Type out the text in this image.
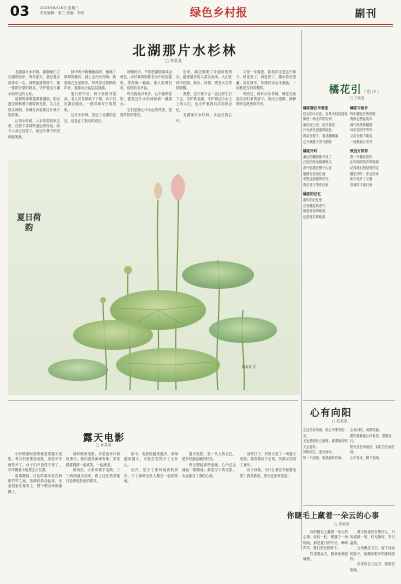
03	2023年8月16日 星期三
责任编辑：张三 美编：李四	绿色乡村报	副刊
北湖那片水杉林
□ 李某某

北湖那片水杉林，静静地伫立在湖的西岸，每年夏天，我总要去那里走一走。那些挺拔的树干，像一排排守望的哨兵，守护着这片湖水和岸边的人家。

清晨的薄雾笼罩着湖面，阳光透过树梢洒下斑驳的光影，鸟儿在枝头鸣唱，仿佛在诉说着这片林子的故事。

记得小时候，父亲常带我来这里，在树下讲那些遥远的传说。如今父亲已经老了，而这片林子依旧郁郁葱葱。

林中的小路蜿蜒曲折，铺满了厚厚的落叶，踩上去沙沙作响。我喜欢在这里散步，听风穿过树梢的声音，看湖水泛起层层涟漪。

夏日的午后，林子里格外清凉。老人们在树荫下下棋，孩子们在湖边嬉戏，一派祥和安宁的景象。

这片水杉林，见证了北湖的变迁，也见证了我们的成长。

傍晚时分，夕阳把湖面染成金黄色，水杉林的倒影在水中轻轻摇曳，美得像一幅画。渔人收网归来，炊烟袅袅升起。

每当我离开家乡，心中最牵挂的，便是这片水杉林和那一湖碧水。

它们是我心中永远的风景，是我乡愁的寄托。

后来，湖边修建了步道和观景台，越来越多的人慕名而来。人们在林中拍照、散步、休憩，感受大自然的馈赠。

我想，这片林子会一直这样生长下去，守护着北湖，守护着这方水土上的人们，也守护着我们共同的记忆。

北湖那片水杉林，永远在我心中。

又是一年盛夏，我再次走进这片林子。树更高了，林更密了，湖水依旧清澈。站在林中，仿佛时光从未流逝，一切都是当初的模样。

风吹过，树叶沙沙作响，像是在欢迎久别归来的游子。我闭上眼睛，静静聆听这熟悉的声音。

夏日荷韵
陈某某 作
橘花引（组诗）
□ 王某某
橘花谢在早春里
枝头的小白花，在风中轻轻摇曳
像是一场无声的告别
落在泥土里，化作春泥
只为来年更盛的绽放
我站在树下，看花瓣飘落
心中满是不舍与期待
橘花开时
满山的橘树都开花了
白色的花朵缀满枝头
香气弥漫在整个山谷
蜜蜂在花间忙碌
采集这甜蜜的时光
我在花下等你归来
橘花的记忆
童年的记忆里
总有橘花的香气
那是母亲的味道
也是故乡的味道
橘花与故乡
每年橘花开的时候
我都会想起故乡
那片熟悉的橘园
母亲在园中劳作
父亲在树下歇息
一切都那么安详
致远方的你
寄一片橘花给你
让你闻到故乡的味道
记得我们曾经的约定
橘花开时，你会回来
如今花开了又谢
你何时才能归来
心有向阳
□ 赵某某
生活总有风雨，但心中要有阳光。
无论遇到什么困难，都要相信明天会更好。
向阳而生，逐光而行。
每一个清晨，都是新的开始。
心有向阳，何惧风霜。
愿你我都能心怀希望，勇敢前行。
阳光总在风雨后，彩虹总在雨后现。
心中有光，脚下有路。
露天电影
□ 孙某某

小时候最盼望的就是看露天电影。每当村里要放电影，消息早早就传开了。孩子们兴奋得不得了，早早搬着小板凳去占位置。

夜幕降临，白色的幕布挂在两根竹竿之间，放映机转动起来，光束投射在幕布上，整个晒谷场都沸腾了。

那时候的电影，多是战争片和故事片。我们看得津津有味，常常跟着剧情一起欢笑、一起流泪。

散场后，大家举着手电筒，三三两两地走回家，路上还在热烈地讨论着电影里的情节。

如今，电影院越来越多，屏幕越来越大，可我总觉得少了点什么。

也许，是少了那份纯真的快乐，少了那种全村人聚在一起的热闹。

露天电影，是一代人的记忆，是乡村最温暖的时光。

每当想起那些夜晚，心中总会涌起一股暖流。那星空下的光影，永远留在了我的心底。

前些日子，村里又放了一场露天电影。我带着孩子去看，仿佛又回到了童年。

孩子问我，为什么要在外面看电影？我笑着说，因为这里有星星。

你睫毛上藏着一朵云的心事
□ 周某某

你的睫毛上藏着一朵云的心事，轻轻一眨，便落下一场细雨。那是夏日的午后，蝉鸣声声，我们坐在树荫下。

你望着远方，眼神里满是憧憬。

我不知道你在想什么，只知道那一刻，时光静好，岁月温柔。

云朵飘过天空，留下淡淡的影子，就像你眼中的那抹忧伤。

后来你去了远方，我留在原地。
